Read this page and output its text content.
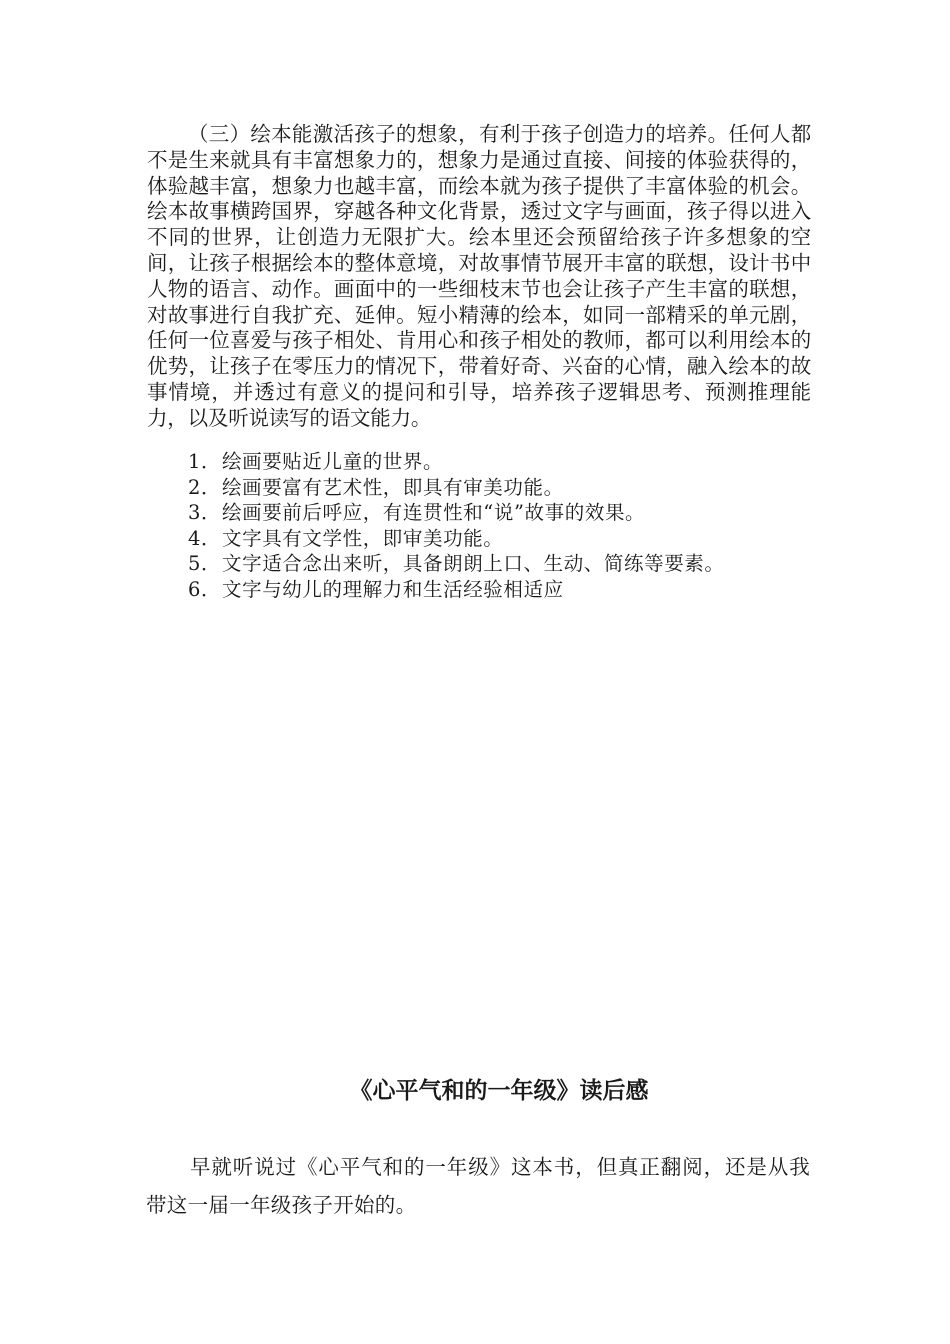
（三）绘本能激活孩子的想象，有利于孩子创造力的培养。任何人都不是生来就具有丰富想象力的，想象力是通过直接、间接的体验获得的，体验越丰富，想象力也越丰富，而绘本就为孩子提供了丰富体验的机会。绘本故事横跨国界，穿越各种文化背景，透过文字与画面，孩子得以进入不同的世界，让创造力无限扩大。绘本里还会预留给孩子许多想象的空间，让孩子根据绘本的整体意境，对故事情节展开丰富的联想，设计书中人物的语言、动作。画面中的一些细枝末节也会让孩子产生丰富的联想，对故事进行自我扩充、延伸。短小精薄的绘本，如同一部精采的单元剧，任何一位喜爱与孩子相处、肯用心和孩子相处的教师，都可以利用绘本的优势，让孩子在零压力的情况下，带着好奇、兴奋的心情，融入绘本的故事情境，并透过有意义的提问和引导，培养孩子逻辑思考、预测推理能力，以及听说读写的语文能力。

1．绘画要贴近儿童的世界。
2．绘画要富有艺术性，即具有审美功能。
3．绘画要前后呼应，有连贯性和“说”故事的效果。
4．文字具有文学性，即审美功能。
5．文字适合念出来听，具备朗朗上口、生动、简练等要素。
6．文字与幼儿的理解力和生活经验相适应
《心平气和的一年级》读后感

早就听说过《心平气和的一年级》这本书，但真正翻阅，还是从我带这一届一年级孩子开始的。
